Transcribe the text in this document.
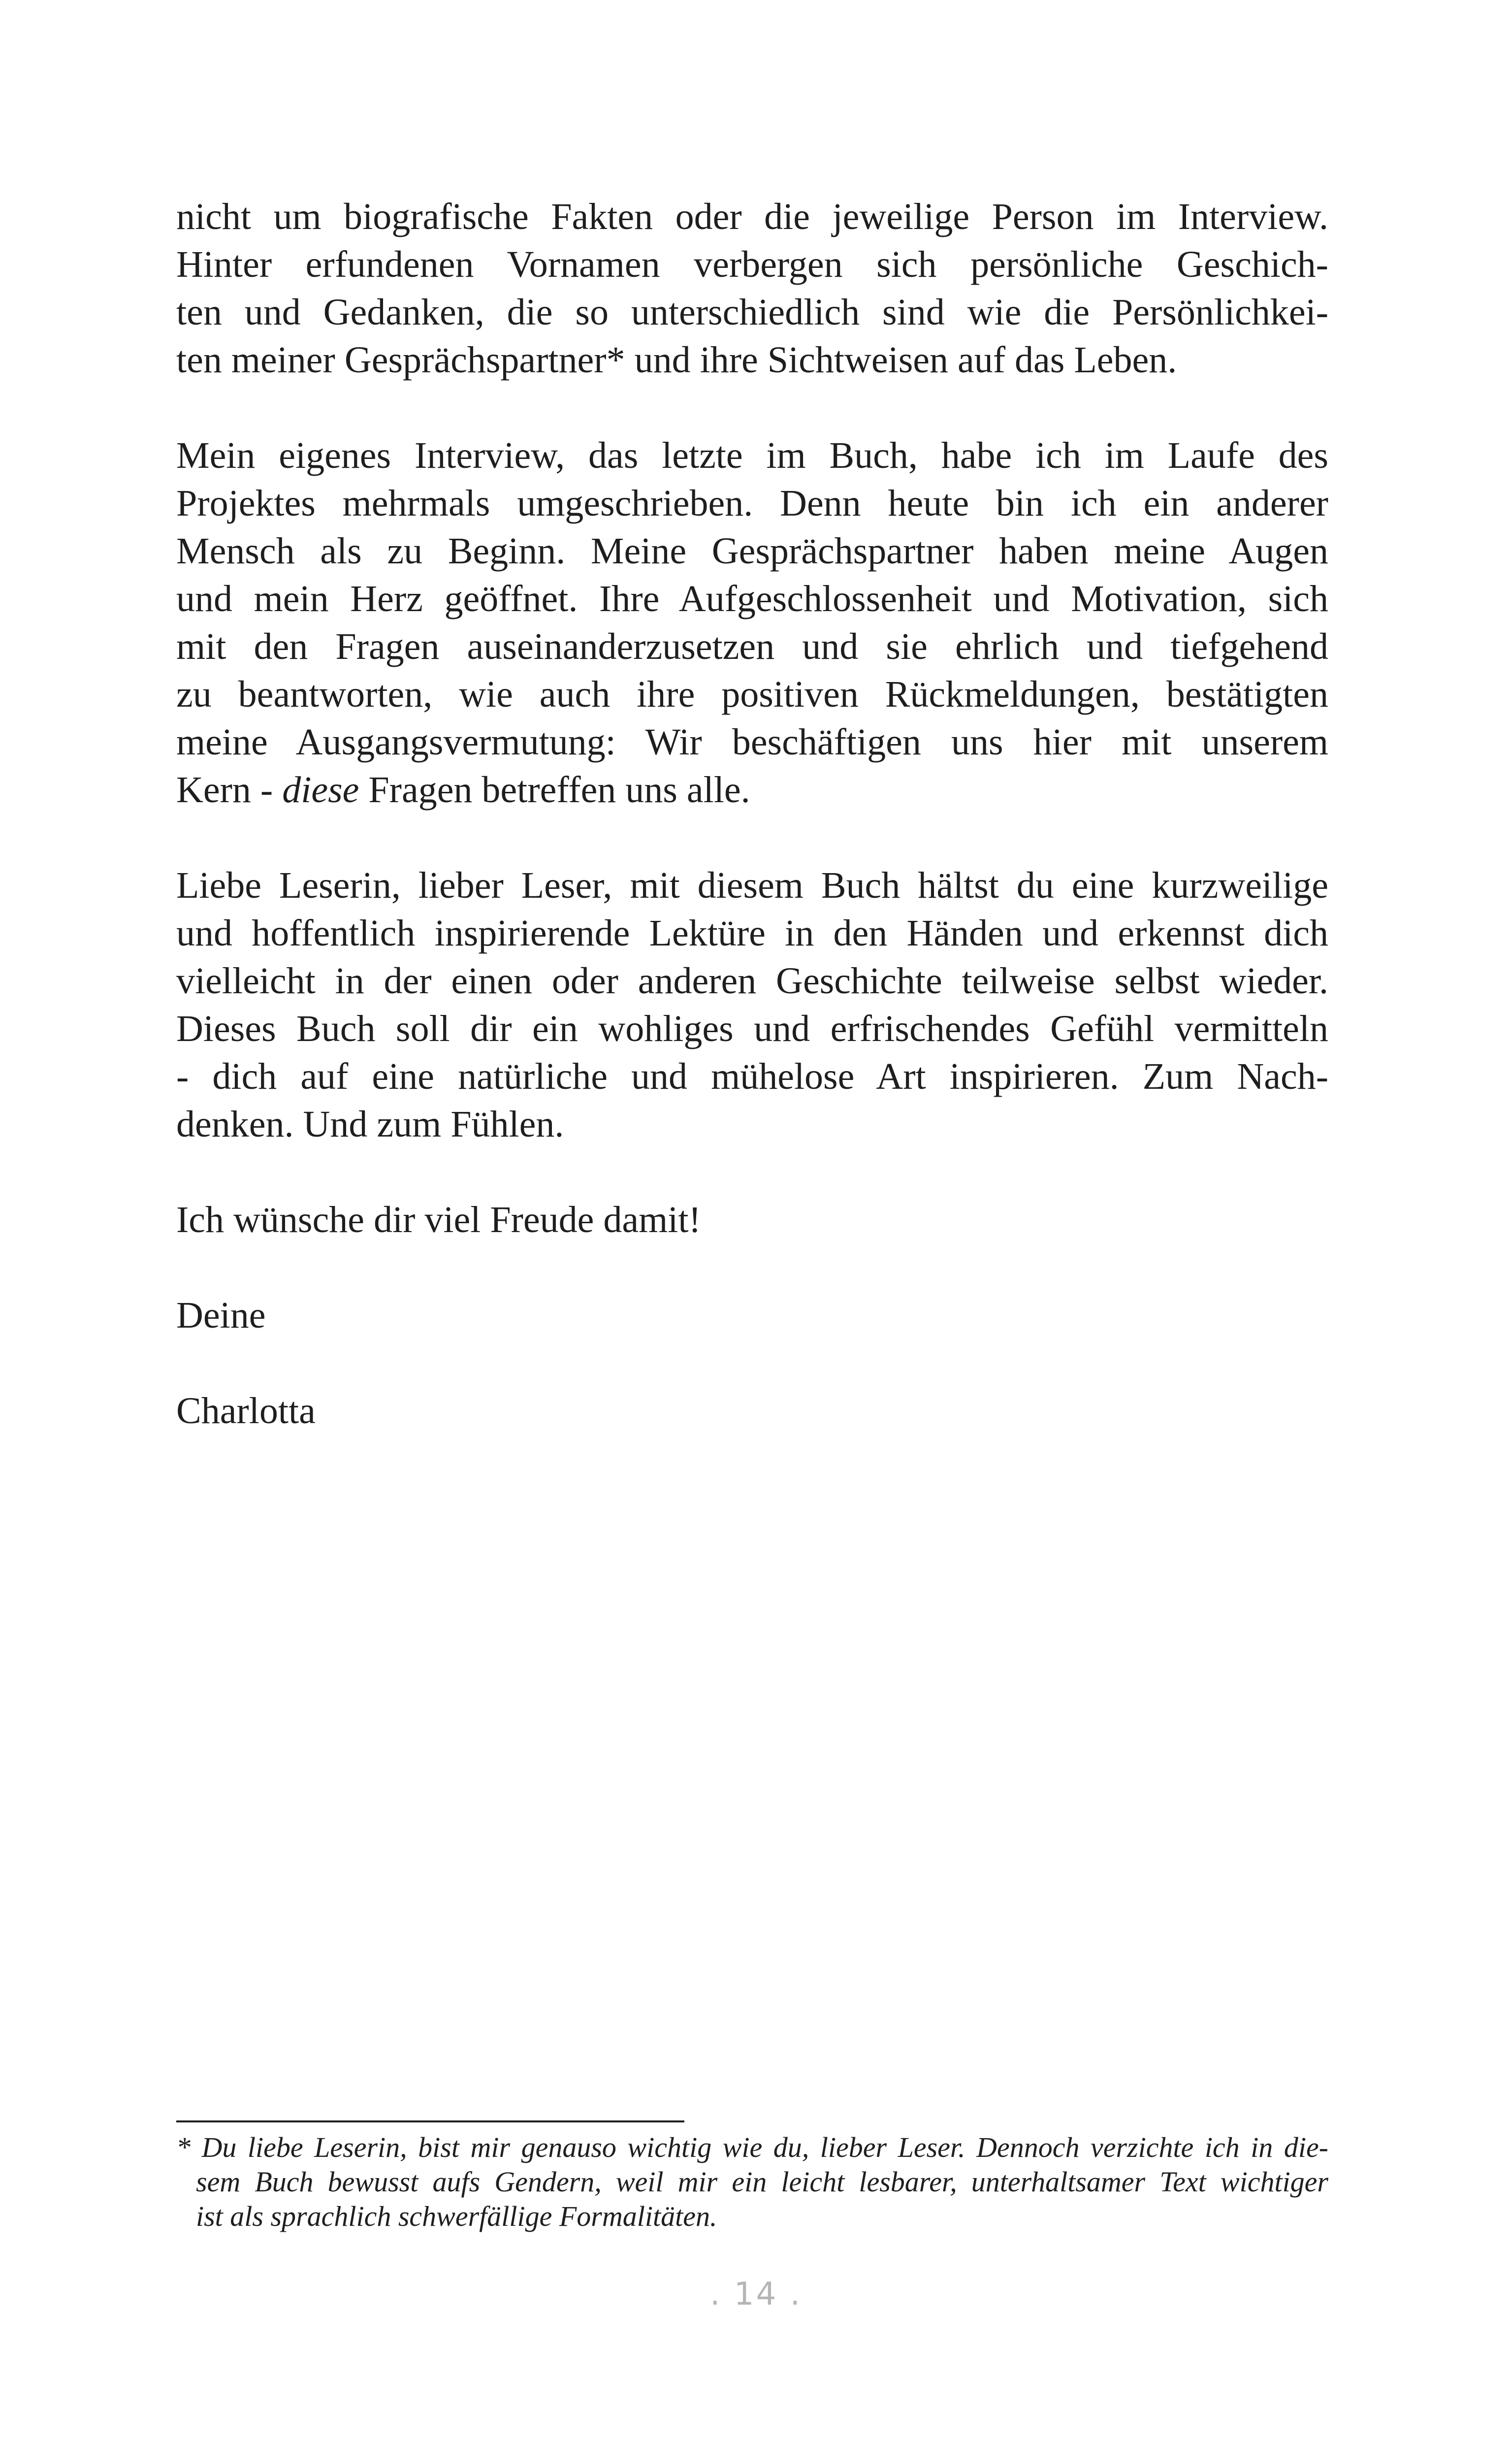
nicht um biografische Fakten oder die jeweilige Person im Interview.
Hinter erfundenen Vornamen verbergen sich persönliche Geschich-
ten und Gedanken, die so unterschiedlich sind wie die Persönlichkei-
ten meiner Gesprächspartner* und ihre Sichtweisen auf das Leben.
Mein eigenes Interview, das letzte im Buch, habe ich im Laufe des
Projektes mehrmals umgeschrieben. Denn heute bin ich ein anderer
Mensch als zu Beginn. Meine Gesprächspartner haben meine Augen
und mein Herz geöffnet. Ihre Aufgeschlossenheit und Motivation, sich
mit den Fragen auseinanderzusetzen und sie ehrlich und tiefgehend
zu beantworten, wie auch ihre positiven Rückmeldungen, bestätigten
meine Ausgangsvermutung: Wir beschäftigen uns hier mit unserem
Kern - diese Fragen betreffen uns alle.
Liebe Leserin, lieber Leser, mit diesem Buch hältst du eine kurzweilige
und hoffentlich inspirierende Lektüre in den Händen und erkennst dich
vielleicht in der einen oder anderen Geschichte teilweise selbst wieder.
Dieses Buch soll dir ein wohliges und erfrischendes Gefühl vermitteln
- dich auf eine natürliche und mühelose Art inspirieren. Zum Nach-
denken. Und zum Fühlen.
Ich wünsche dir viel Freude damit!
Deine
Charlotta
* Du liebe Leserin, bist mir genauso wichtig wie du, lieber Leser. Dennoch verzichte ich in die-
sem Buch bewusst aufs Gendern, weil mir ein leicht lesbarer, unterhaltsamer Text wichtiger
ist als sprachlich schwerfällige Formalitäten.
. 14 .
